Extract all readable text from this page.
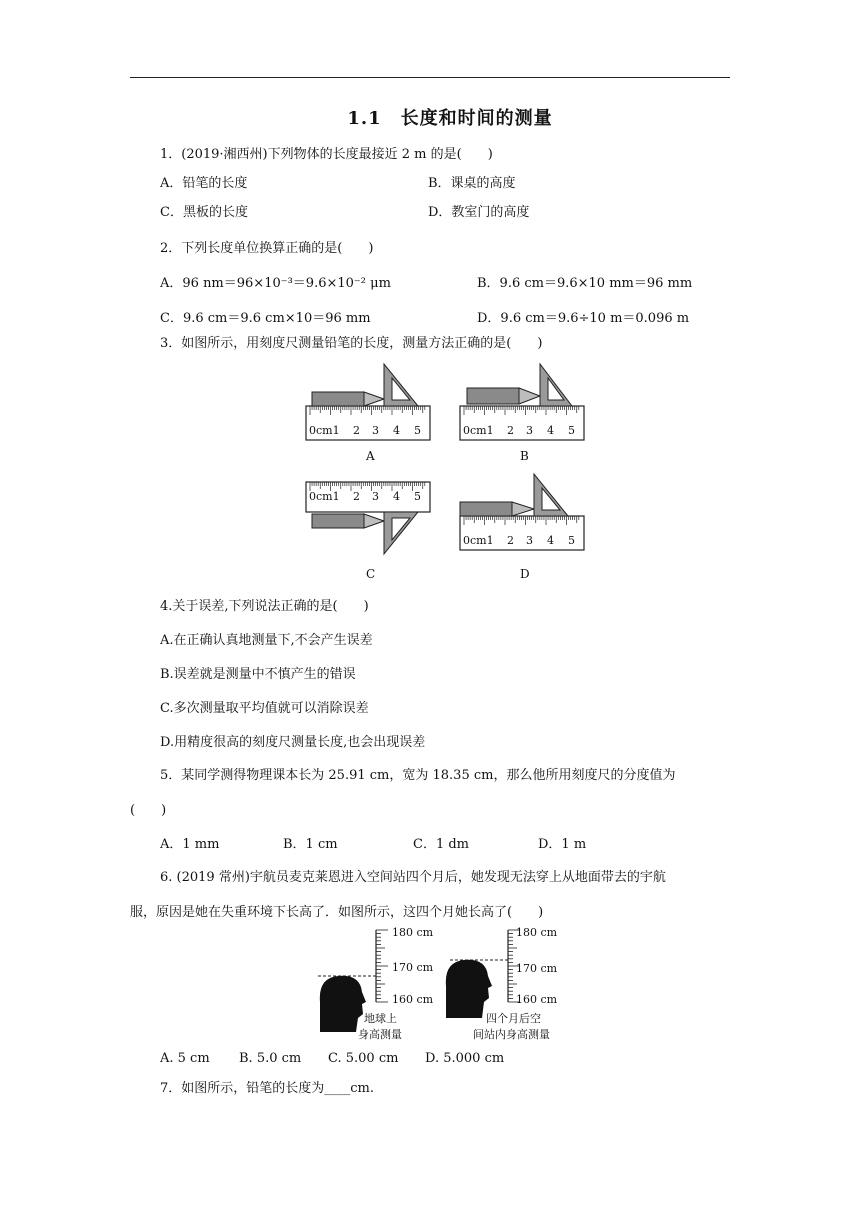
1.1　长度和时间的测量
1．(2019·湘西州)下列物体的长度最接近 2 m 的是(　　)
A．铅笔的长度	B．课桌的高度
C．黑板的长度	D．教室门的高度
2．下列长度单位换算正确的是(　　)
A．96 nm＝96×10⁻³＝9.6×10⁻² μm	B．9.6 cm＝9.6×10 mm＝96 mm
C．9.6 cm＝9.6 cm×10＝96 mm	D．9.6 cm＝9.6÷10 m＝0.096 m
3．如图所示，用刻度尺测量铅笔的长度，测量方法正确的是(　　)
0cm1 2 3 4 5	0cm1 2 3 4 5
0cm1 2 3 4 5
0cm1 2 3 4 5
A	B
C	D
4.关于误差,下列说法正确的是(　　)
A.在正确认真地测量下,不会产生误差
B.误差就是测量中不慎产生的错误
C.多次测量取平均值就可以消除误差
D.用精度很高的刻度尺测量长度,也会出现误差
5．某同学测得物理课本长为 25.91 cm，宽为 18.35 cm，那么他所用刻度尺的分度值为
(　　)
A．1 mm	B．1 cm	C．1 dm	D．1 m
6. (2019 常州)宇航员麦克莱恩进入空间站四个月后，她发现无法穿上从地面带去的宇航
服，原因是她在失重环境下长高了．如图所示，这四个月她长高了(　　)
180 cm
170 cm
160 cm
地球上
身高测量
180 cm
170 cm
160 cm
四个月后空
间站内身高测量
A. 5 cm B. 5.0 cm C. 5.00 cm D. 5.000 cm
7．如图所示，铅笔的长度为____cm.
